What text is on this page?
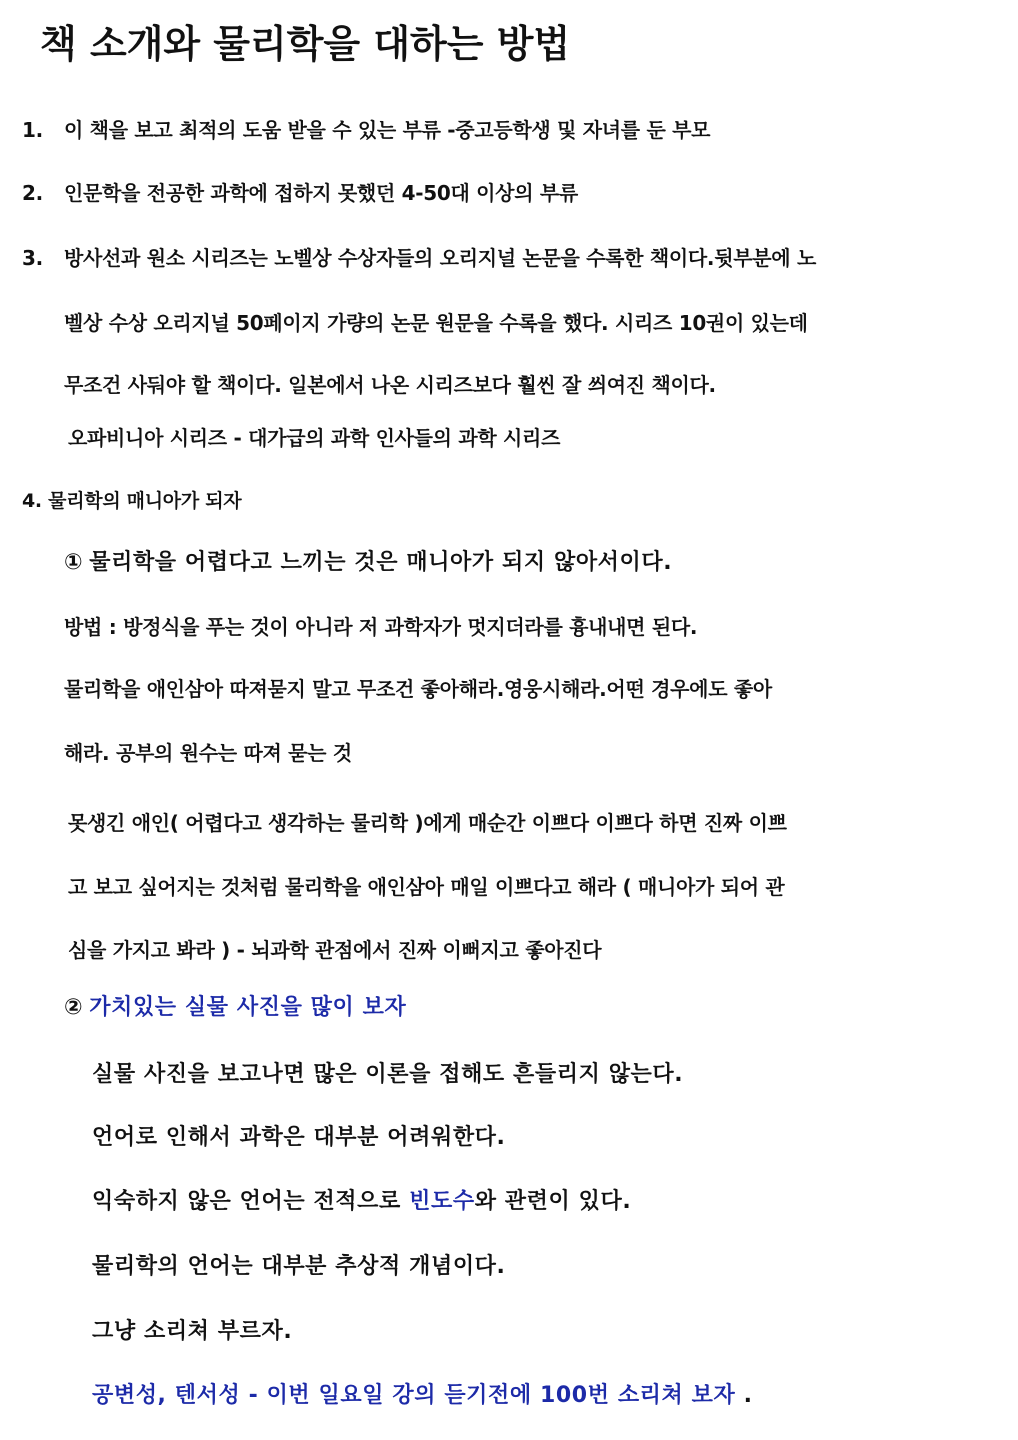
책 소개와 물리학을 대하는 방법
1. 이 책을 보고 최적의 도움 받을 수 있는 부류 -중고등학생 및 자녀를 둔 부모
2. 인문학을 전공한 과학에 접하지 못했던 4-50대 이상의 부류
3. 방사선과 원소 시리즈는 노벨상 수상자들의 오리지널 논문을 수록한 책이다.뒷부분에 노
벨상 수상 오리지널 50페이지 가량의 논문 원문을 수록을 했다. 시리즈 10권이 있는데
무조건 사둬야 할 책이다. 일본에서 나온 시리즈보다 훨씬 잘 씌여진 책이다.
오파비니아 시리즈 - 대가급의 과학 인사들의 과학 시리즈
4. 물리학의 매니아가 되자
① 물리학을 어렵다고 느끼는 것은 매니아가 되지 않아서이다.
방법 : 방정식을 푸는 것이 아니라 저 과학자가 멋지더라를 흉내내면 된다.
물리학을 애인삼아 따져묻지 말고 무조건 좋아해라.영웅시해라.어떤 경우에도 좋아
해라. 공부의 원수는 따져 묻는 것
못생긴 애인( 어렵다고 생각하는 물리학 )에게 매순간 이쁘다 이쁘다 하면 진짜 이쁘
고 보고 싶어지는 것처럼 물리학을 애인삼아 매일 이쁘다고 해라 ( 매니아가 되어 관
심을 가지고 봐라 ) - 뇌과학 관점에서 진짜 이뻐지고 좋아진다
② 가치있는 실물 사진을 많이 보자
실물 사진을 보고나면 많은 이론을 접해도 흔들리지 않는다.
언어로 인해서 과학은 대부분 어려워한다.
익숙하지 않은 언어는 전적으로 빈도수와 관련이 있다.
물리학의 언어는 대부분 추상적 개념이다.
그냥 소리쳐 부르자.
공변성, 텐서성 - 이번 일요일 강의 듣기전에 100번 소리쳐 보자 .
